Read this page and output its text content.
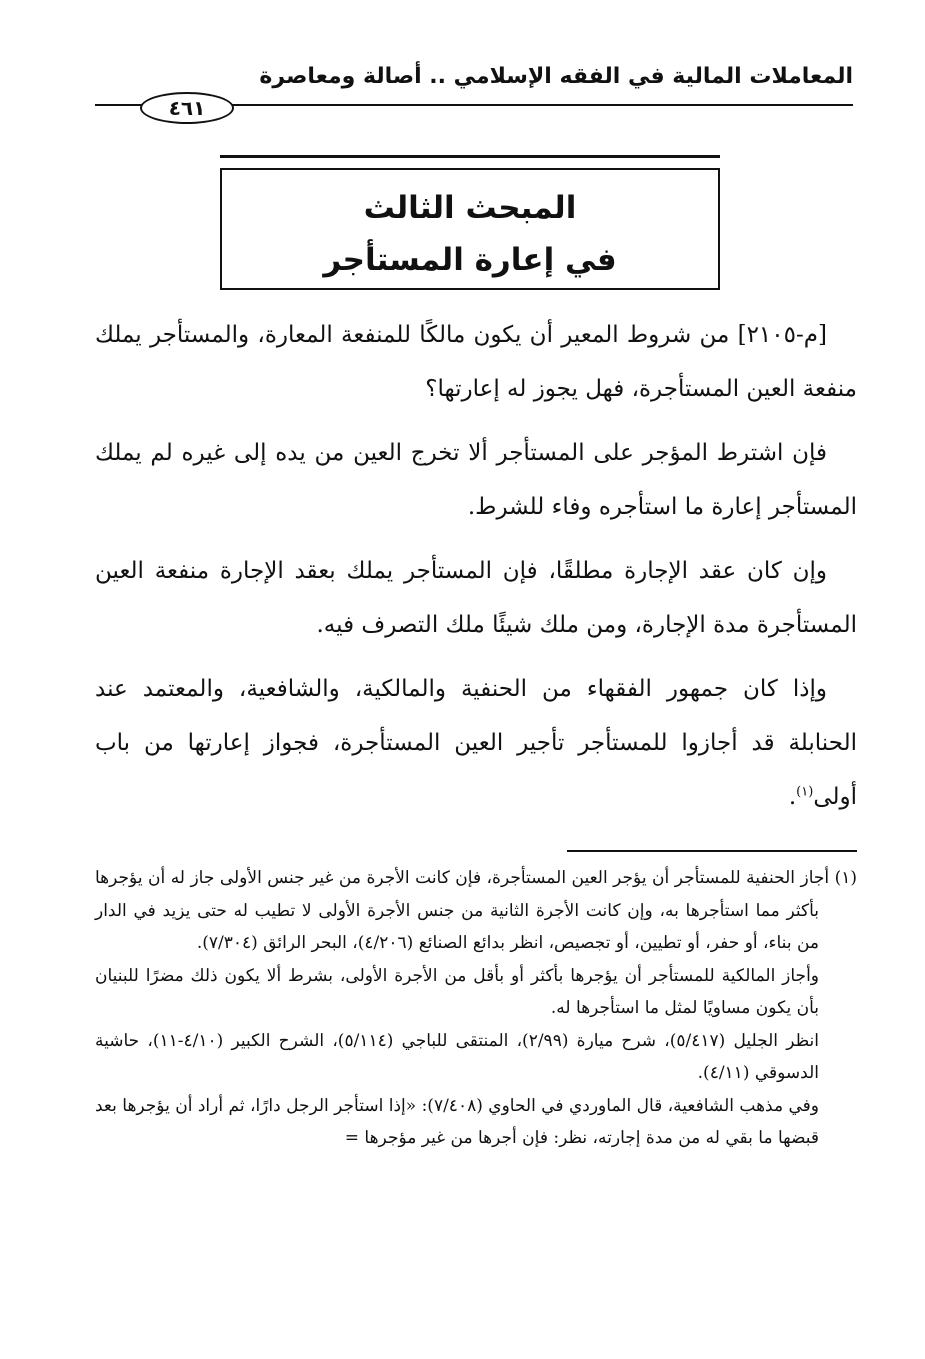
المعاملات المالية في الفقه الإسلامي .. أصالة ومعاصرة
٤٦١
المبحث الثالث
في إعارة المستأجر

[م-٢١٠٥] من شروط المعير أن يكون مالكًا للمنفعة المعارة، والمستأجر يملك منفعة العين المستأجرة، فهل يجوز له إعارتها؟

فإن اشترط المؤجر على المستأجر ألا تخرج العين من يده إلى غيره لم يملك المستأجر إعارة ما استأجره وفاء للشرط.

وإن كان عقد الإجارة مطلقًا، فإن المستأجر يملك بعقد الإجارة منفعة العين المستأجرة مدة الإجارة، ومن ملك شيئًا ملك التصرف فيه.

وإذا كان جمهور الفقهاء من الحنفية والمالكية، والشافعية، والمعتمد عند الحنابلة قد أجازوا للمستأجر تأجير العين المستأجرة، فجواز إعارتها من باب أولى$^{(١)}$.

(١) أجاز الحنفية للمستأجر أن يؤجر العين المستأجرة، فإن كانت الأجرة من غير جنس الأولى جاز له أن يؤجرها بأكثر مما استأجرها به، وإن كانت الأجرة الثانية من جنس الأجرة الأولى لا تطيب له حتى يزيد في الدار من بناء، أو حفر، أو تطيين، أو تجصيص، انظر بدائع الصنائع (٤/٢٠٦)، البحر الرائق (٧/٣٠٤).

وأجاز المالكية للمستأجر أن يؤجرها بأكثر أو بأقل من الأجرة الأولى، بشرط ألا يكون ذلك مضرًا للبنيان بأن يكون مساويًا لمثل ما استأجرها له.

انظر الجليل (٥/٤١٧)، شرح ميارة (٢/٩٩)، المنتقى للباجي (٥/١١٤)، الشرح الكبير (٤/١٠-١١)، حاشية الدسوقي (٤/١١).

وفي مذهب الشافعية، قال الماوردي في الحاوي (٧/٤٠٨): «إذا استأجر الرجل دارًا، ثم أراد أن يؤجرها بعد قبضها ما بقي له من مدة إجارته، نظر: فإن أجرها من غير مؤجرها =
